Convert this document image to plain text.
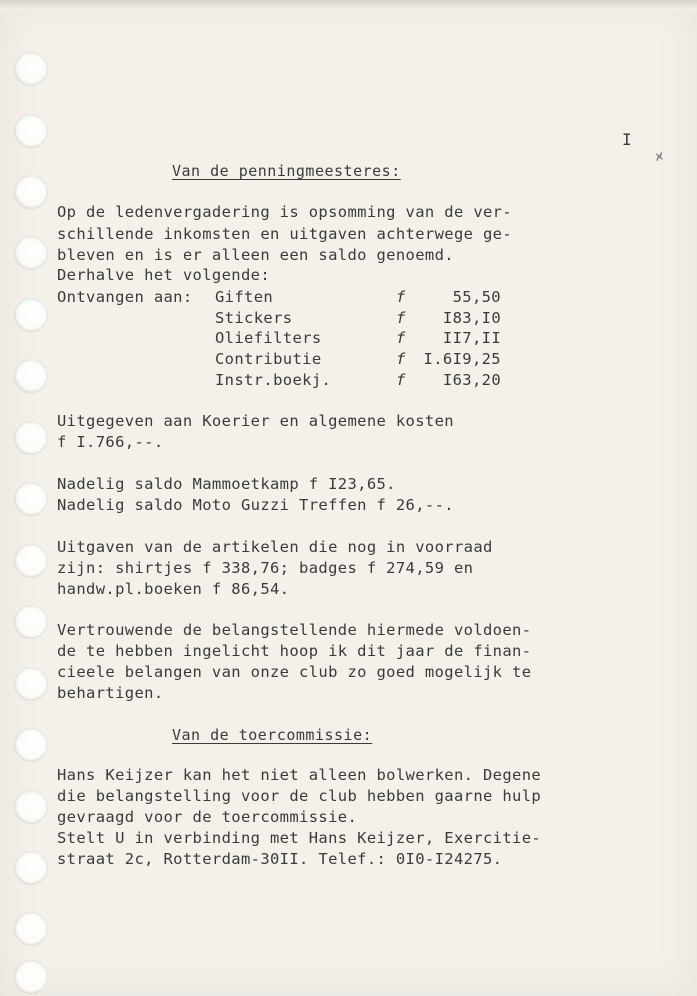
I
≁
Van de penningmeesteres:
Op de ledenvergadering is opsomming van de ver-
schillende inkomsten en uitgaven achterwege ge-
bleven en is er alleen een saldo genoemd.
Derhalve het volgende:
Ontvangen aan: Giften	f	55,50
Stickers	f I83,I0
Oliefilters	f II7,II
Contributie	f I.6I9,25
Instr.boekj.	f I63,20
Uitgegeven aan Koerier en algemene kosten
f I.766,--.
Nadelig saldo Mammoetkamp f I23,65.
Nadelig saldo Moto Guzzi Treffen f 26,--.
Uitgaven van de artikelen die nog in voorraad
zijn: shirtjes f 338,76; badges f 274,59 en
handw.pl.boeken f 86,54.
Vertrouwende de belangstellende hiermede voldoen-
de te hebben ingelicht hoop ik dit jaar de finan-
cieele belangen van onze club zo goed mogelijk te
behartigen.
Van de toercommissie:
Hans Keijzer kan het niet alleen bolwerken. Degene
die belangstelling voor de club hebben gaarne hulp
gevraagd voor de toercommissie.
Stelt U in verbinding met Hans Keijzer, Exercitie-
straat 2c, Rotterdam-30II. Telef.: 0I0-I24275.
